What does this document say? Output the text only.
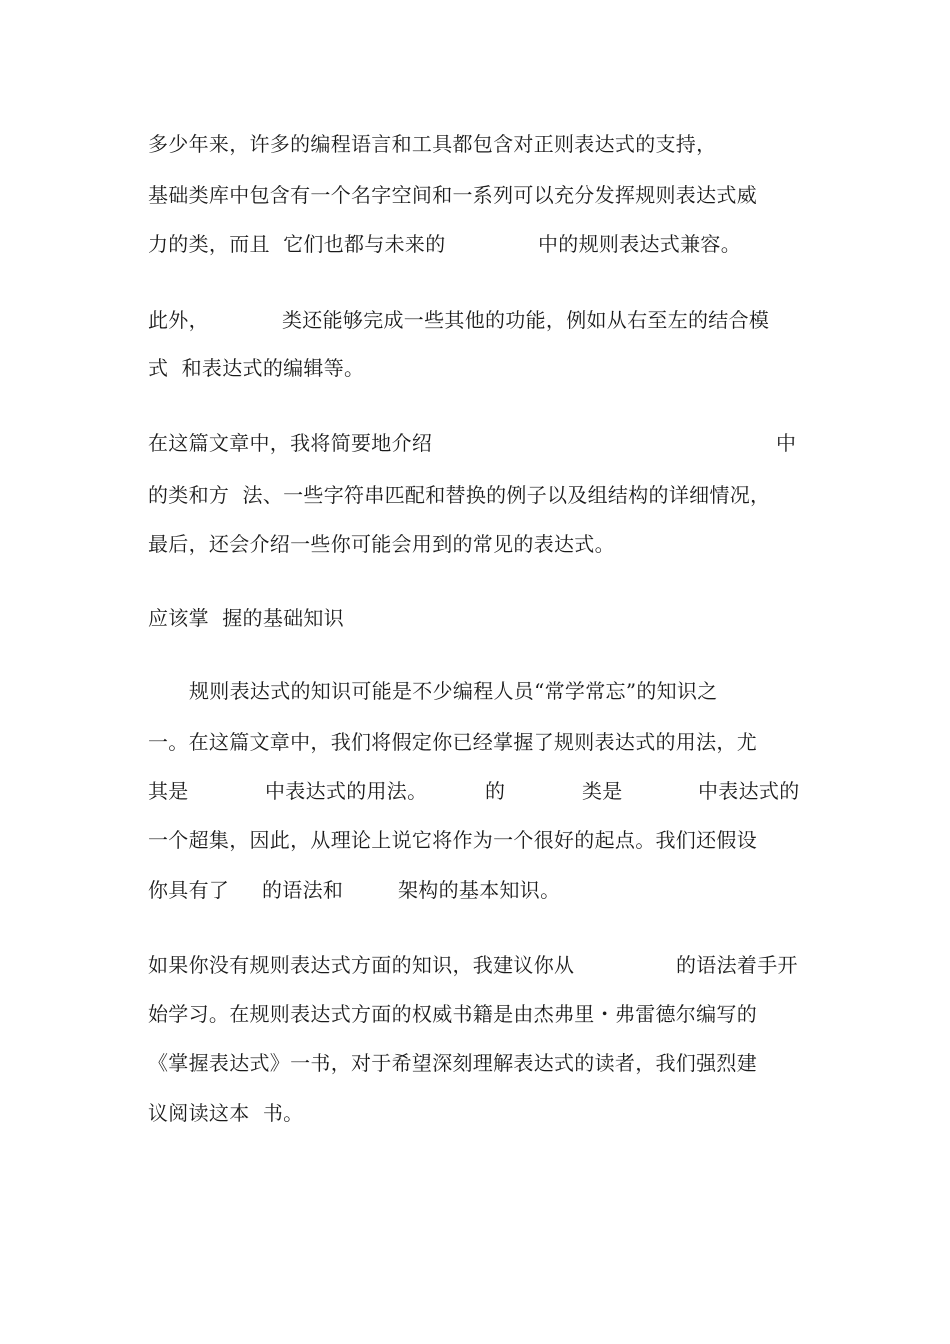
多少年来，许多的编程语言和工具都包含对正则表达式的支持，

基础类库中包含有一个名字空间和一系列可以充分发挥规则表达式威

力的类，而且  它们也都与未来的

	中的规则表达式兼容。

此外，

	类还能够完成一些其他的功能，例如从右至左的结合模

式  和表达式的编辑等。

在这篇文章中，我将简要地介绍

	中

的类和方  法、一些字符串匹配和替换的例子以及组结构的详细情况，

最后，还会介绍一些你可能会用到的常见的表达式。

应该掌  握的基础知识

规则表达式的知识可能是不少编程人员“常学常忘”的知识之

一。在这篇文章中，我们将假定你已经掌握了规则表达式的用法，尤

其是

	中表达式的用法。

	的

	类是

	中表达式的

一个超集，因此，从理论上说它将作为一个很好的起点。我们还假设

你具有了

的语法和

	架构的基本知识。

如果你没有规则表达式方面的知识，我建议你从

	的语法着手开

始学习。在规则表达式方面的权威书籍是由杰弗里・弗雷德尔编写的

《掌握表达式》一书，对于希望深刻理解表达式的读者，我们强烈建

议阅读这本  书。
